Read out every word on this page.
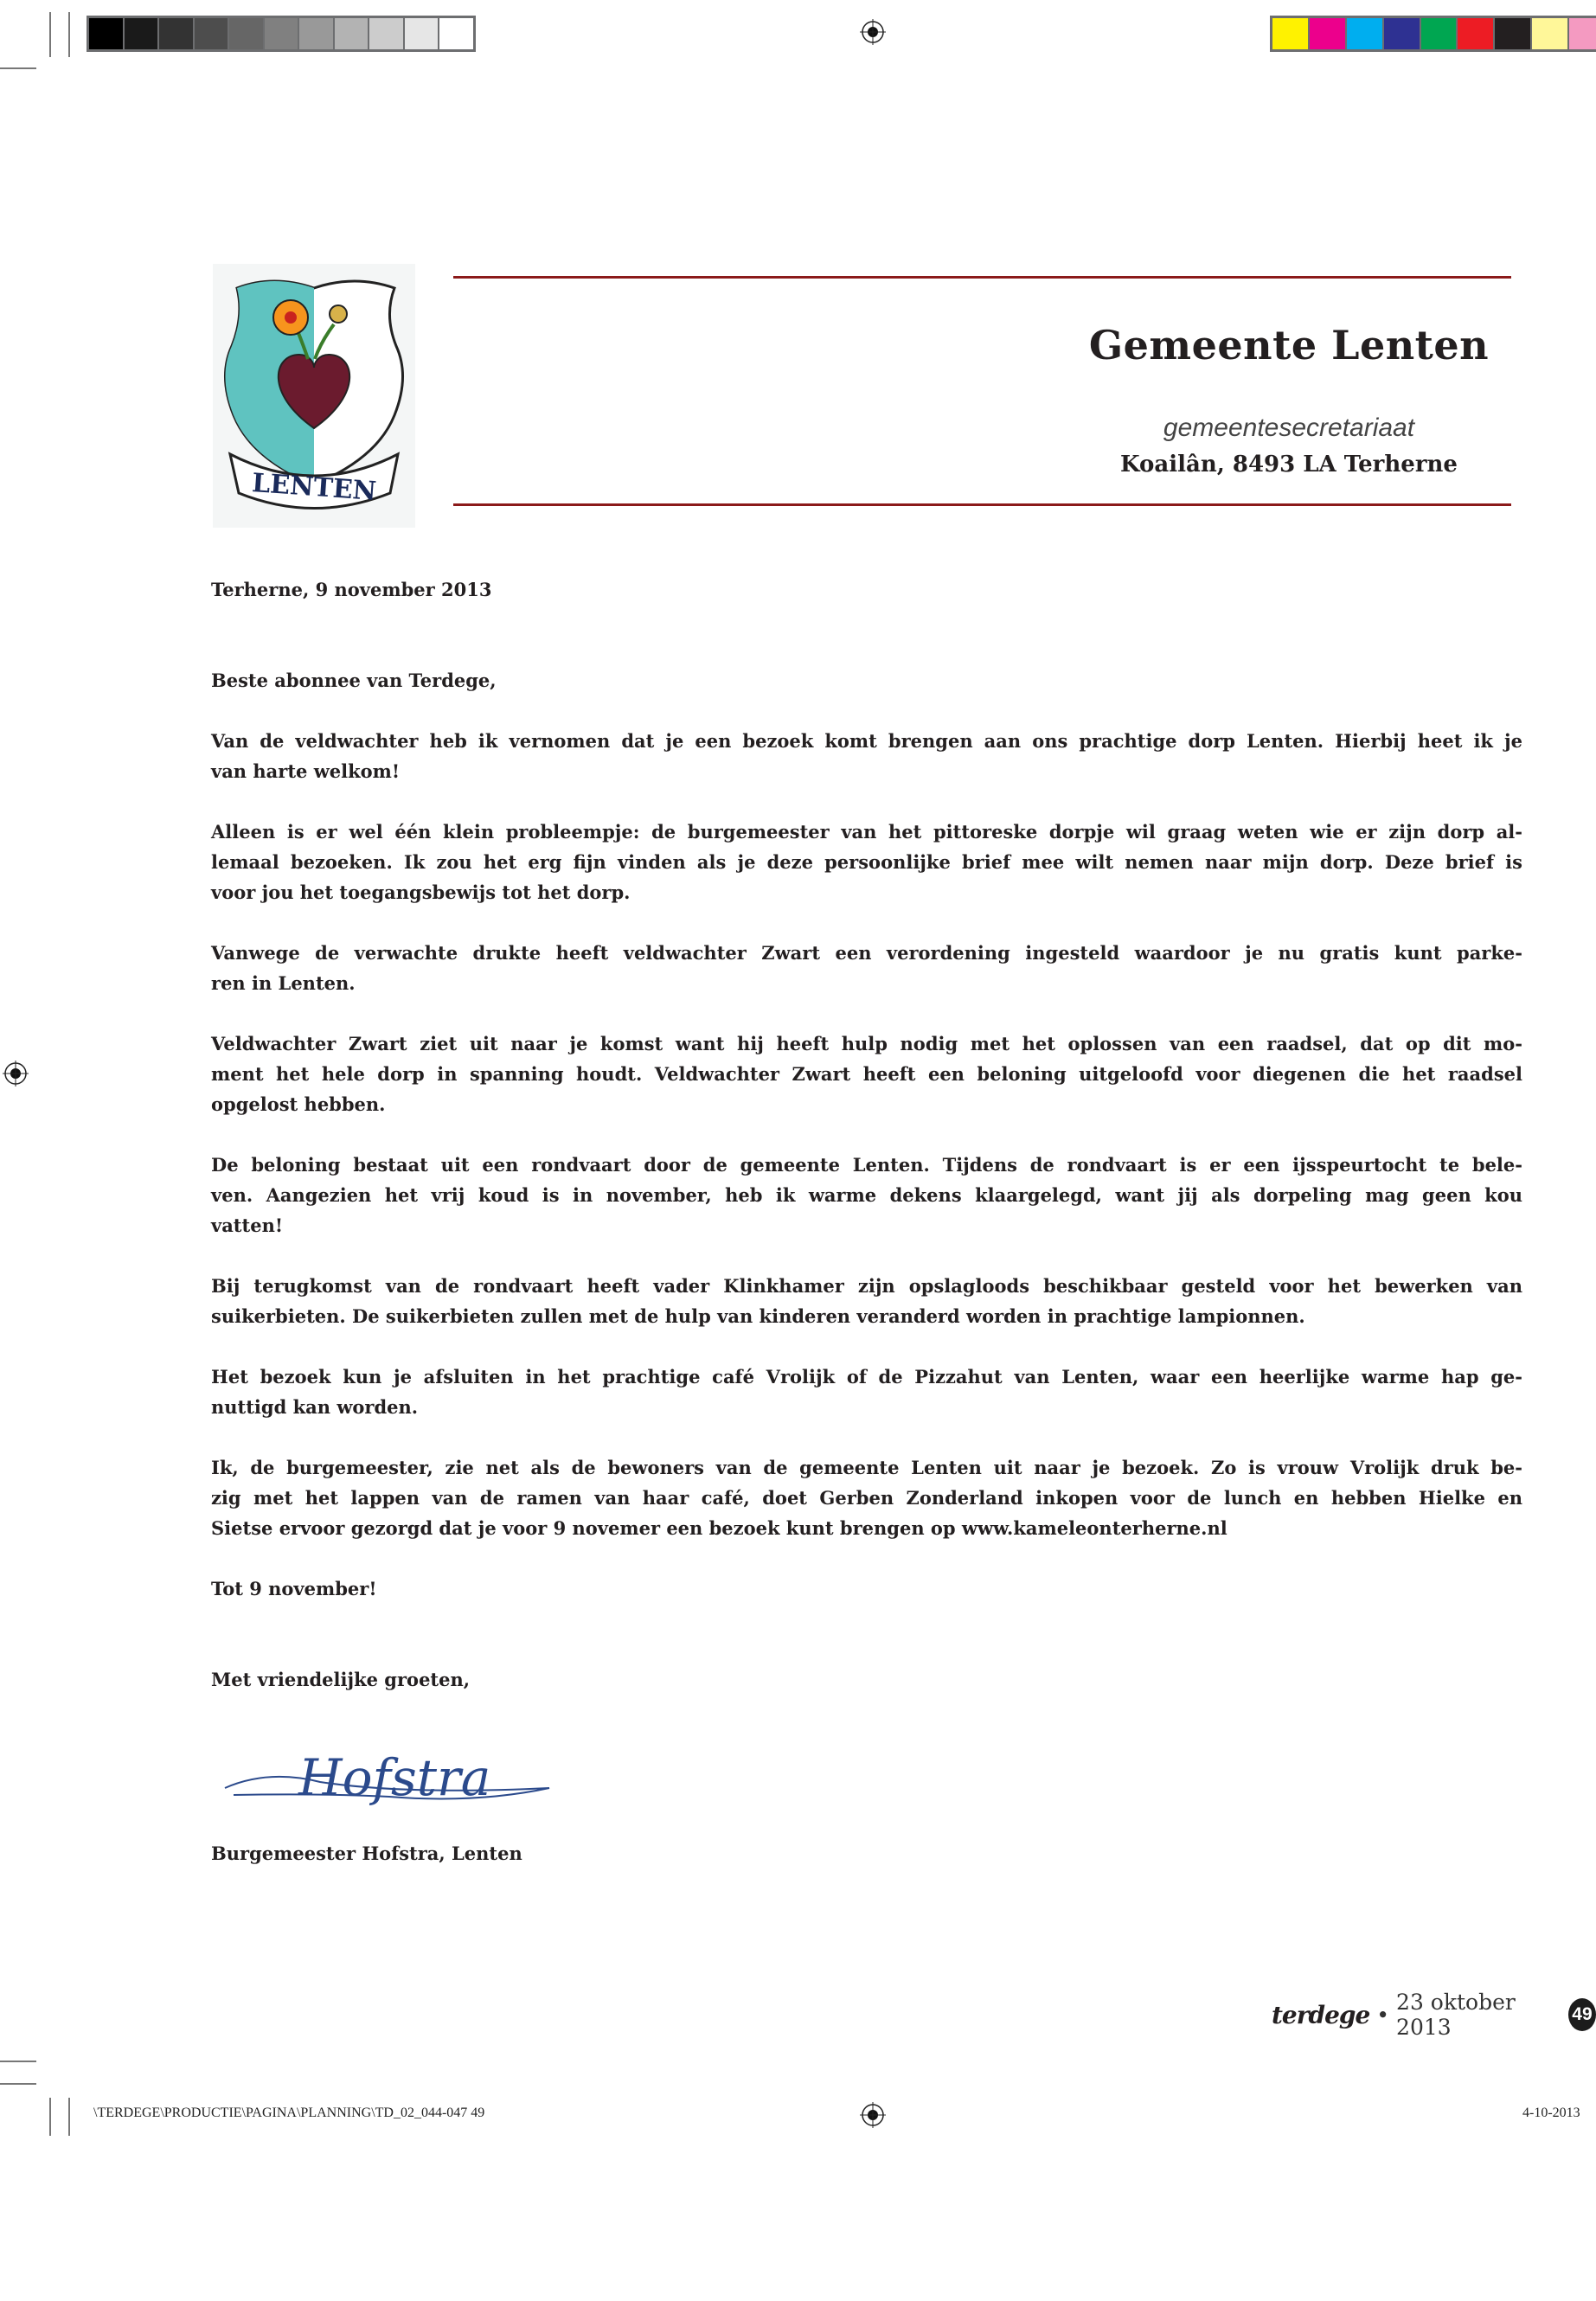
LENTEN
Gemeente Lenten
gemeentesecretariaat
Koailân, 8493 LA Terherne
Terherne, 9 november 2013
Beste abonnee van Terdege,
Van de veldwachter heb ik vernomen dat je een bezoek komt brengen aan ons prachtige dorp Lenten. Hierbij heet ik je
van harte welkom!
Alleen is er wel één klein probleempje: de burgemeester van het pittoreske dorpje wil graag weten wie er zijn dorp al-
lemaal bezoeken. Ik zou het erg fijn vinden als je deze persoonlijke brief mee wilt nemen naar mijn dorp. Deze brief is
voor jou het toegangsbewijs tot het dorp.
Vanwege de verwachte drukte heeft veldwachter Zwart een verordening ingesteld waardoor je nu gratis kunt parke-
ren in Lenten.
Veldwachter Zwart ziet uit naar je komst want hij heeft hulp nodig met het oplossen van een raadsel, dat op dit mo-
ment het hele dorp in spanning houdt. Veldwachter Zwart heeft een beloning uitgeloofd voor diegenen die het raadsel
opgelost hebben.
De beloning bestaat uit een rondvaart door de gemeente Lenten. Tijdens de rondvaart is er een ijsspeurtocht te bele-
ven. Aangezien het vrij koud is in november, heb ik warme dekens klaargelegd, want jij als dorpeling mag geen kou
vatten!
Bij terugkomst van de rondvaart heeft vader Klinkhamer zijn opslagloods beschikbaar gesteld voor het bewerken van
suikerbieten. De suikerbieten zullen met de hulp van kinderen veranderd worden in prachtige lampionnen.
Het bezoek kun je afsluiten in het prachtige café Vrolijk of de Pizzahut van Lenten, waar een heerlijke warme hap ge-
nuttigd kan worden.
Ik, de burgemeester, zie net als de bewoners van de gemeente Lenten uit naar je bezoek. Zo is vrouw Vrolijk druk be-
zig met het lappen van de ramen van haar café, doet Gerben Zonderland inkopen voor de lunch en hebben Hielke en
Sietse ervoor gezorgd dat je voor 9 novemer een bezoek kunt brengen op www.kameleonterherne.nl
Tot 9 november!
Met vriendelijke groeten,
Hofstra
Burgemeester Hofstra, Lenten
terdege • 23 oktober 2013
49
\TERDEGE\PRODUCTIE\PAGINA\PLANNING\TD_02_044-047 49	4-10-2013
